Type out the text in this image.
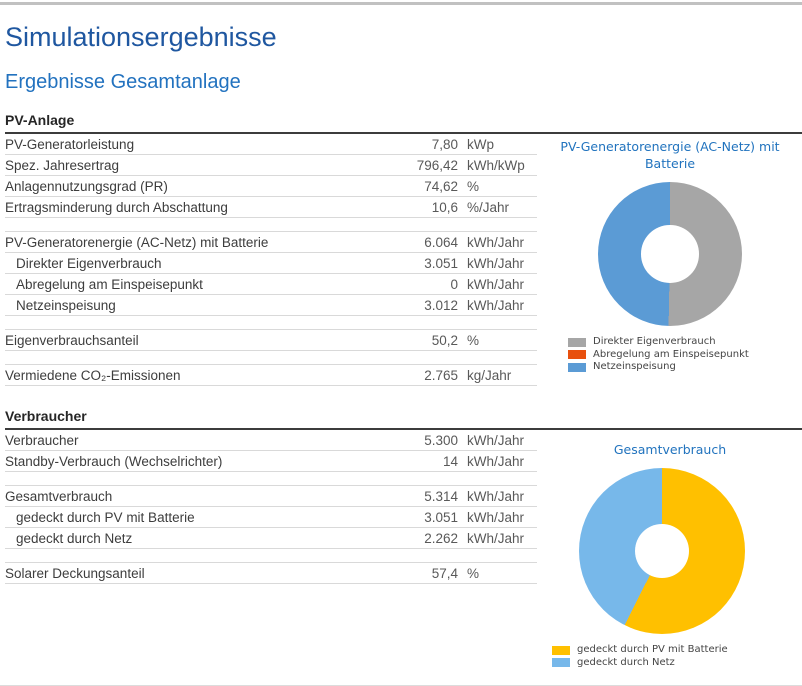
Simulationsergebnisse
Ergebnisse Gesamtanlage
PV-Anlage
PV-Generatorleistung	7,80 kWp
Spez. Jahresertrag	796,42 kWh/kWp
Anlagennutzungsgrad (PR)	74,62 %
Ertragsminderung durch Abschattung	10,6 %/Jahr
PV-Generatorenergie (AC-Netz) mit Batterie	6.064 kWh/Jahr
Direkter Eigenverbrauch	3.051 kWh/Jahr
Abregelung am Einspeisepunkt	0 kWh/Jahr
Netzeinspeisung	3.012 kWh/Jahr
Eigenverbrauchsanteil	50,2 %
Vermiedene CO₂-Emissionen	2.765 kg/Jahr
Verbraucher
Verbraucher	5.300 kWh/Jahr
Standby-Verbrauch (Wechselrichter)	14 kWh/Jahr
Gesamtverbrauch	5.314 kWh/Jahr
gedeckt durch PV mit Batterie	3.051 kWh/Jahr
gedeckt durch Netz	2.262 kWh/Jahr
Solarer Deckungsanteil	57,4 %
PV-Generatorenergie (AC-Netz) mit
Batterie
Direkter Eigenverbrauch
Abregelung am Einspeisepunkt
Netzeinspeisung
Gesamtverbrauch
gedeckt durch PV mit Batterie
gedeckt durch Netz
